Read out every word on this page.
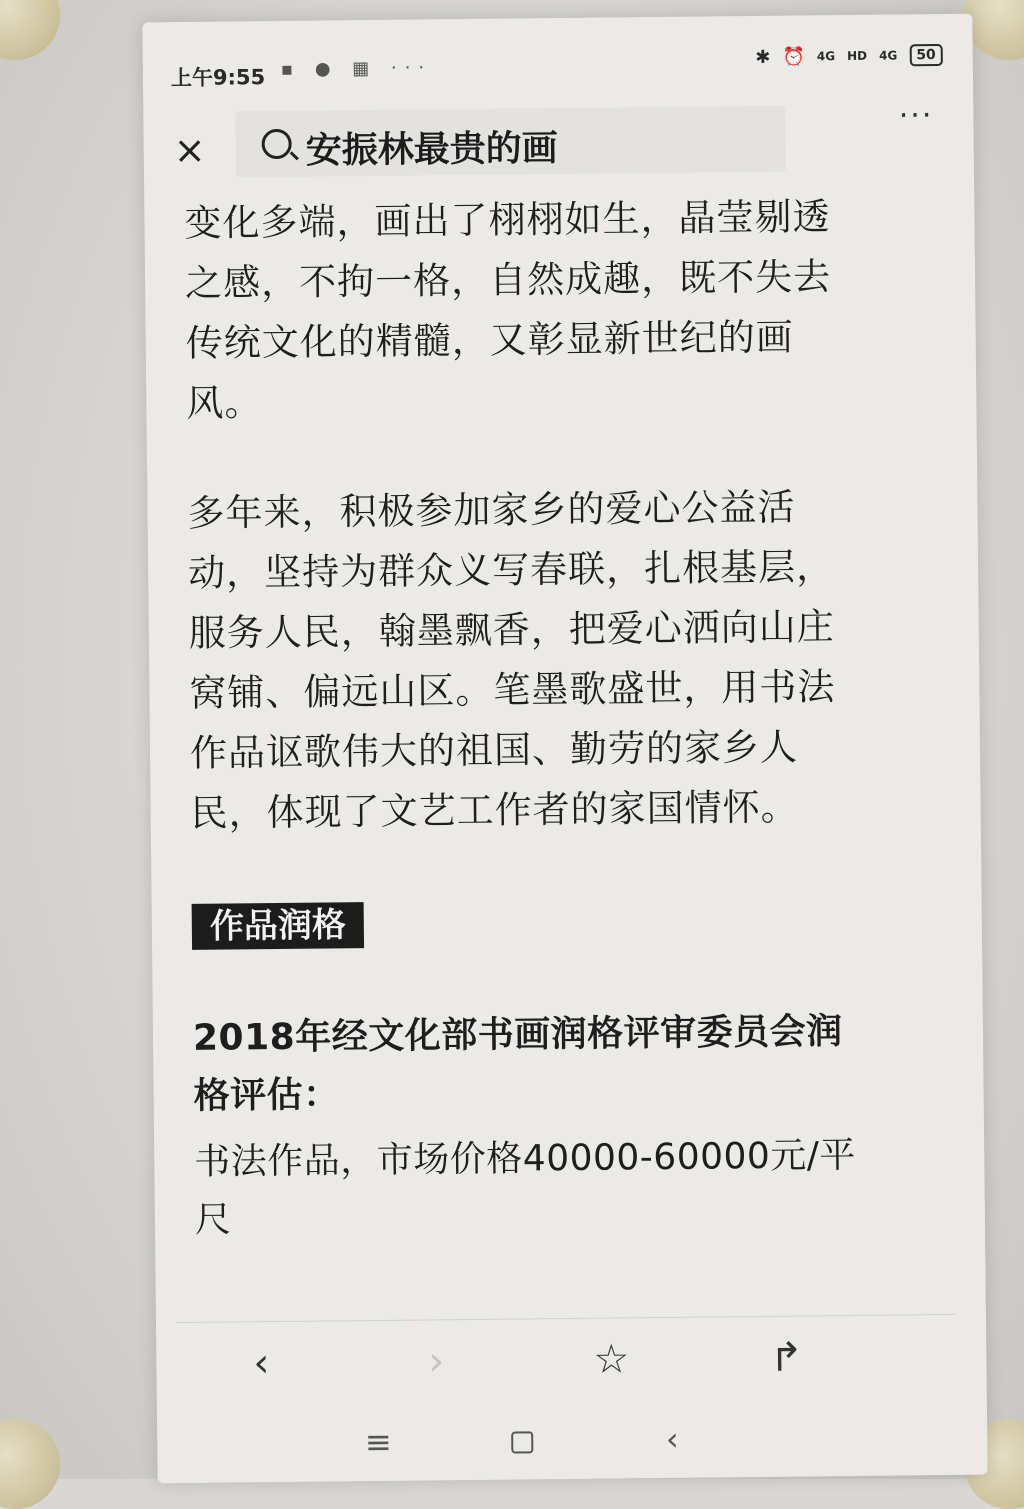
上午9:55 ▪ ● ▦ ···
✱ ⏰ 4G HD 4G	50
×	安振林最贵的画
···

变化多端，画出了栩栩如生，晶莹剔透之感，不拘一格，自然成趣，既不失去传统文化的精髓，又彰显新世纪的画风。

多年来，积极参加家乡的爱心公益活动，坚持为群众义写春联，扎根基层，服务人民，翰墨飘香，把爱心洒向山庄窝铺、偏远山区。笔墨歌盛世，用书法作品讴歌伟大的祖国、勤劳的家乡人民，体现了文艺工作者的家国情怀。

作品润格
2018年经文化部书画润格评审委员会润格评估：
书法作品，市场价格40000-60000元/平尺
‹	›	☆	↱
≡	‹
